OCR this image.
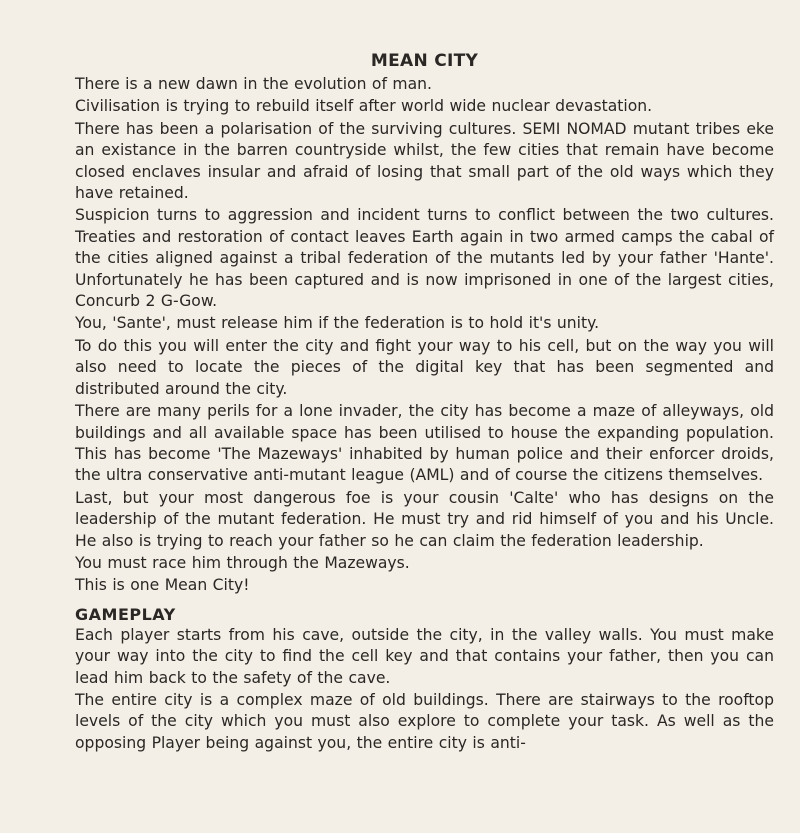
MEAN CITY

There is a new dawn in the evolution of man.

Civilisation is trying to rebuild itself after world wide nuclear devastation.

There has been a polarisation of the surviving cultures. SEMI NOMAD mutant tribes eke an existance in the barren countryside whilst, the few cities that remain have become closed enclaves insular and afraid of losing that small part of the old ways which they have retained.

Suspicion turns to aggression and incident turns to conflict between the two cultures. Treaties and restoration of contact leaves Earth again in two armed camps the cabal of the cities aligned against a tribal federation of the mutants led by your father 'Hante'. Unfortunately he has been captured and is now imprisoned in one of the largest cities, Concurb 2 G-Gow.

You, 'Sante', must release him if the federation is to hold it's unity.

To do this you will enter the city and fight your way to his cell, but on the way you will also need to locate the pieces of the digital key that has been segmented and distributed around the city.

There are many perils for a lone invader, the city has become a maze of alleyways, old buildings and all available space has been utilised to house the expanding population. This has become 'The Mazeways' inhabited by human police and their enforcer droids, the ultra conservative anti-mutant league (AML) and of course the citizens themselves.

Last, but your most dangerous foe is your cousin 'Calte' who has designs on the leadership of the mutant federation. He must try and rid himself of you and his Uncle. He also is trying to reach your father so he can claim the federation leadership.

You must race him through the Mazeways.

This is one Mean City!

GAMEPLAY

Each player starts from his cave, outside the city, in the valley walls. You must make your way into the city to find the cell key and that contains your father, then you can lead him back to the safety of the cave.

The entire city is a complex maze of old buildings. There are stairways to the rooftop levels of the city which you must also explore to complete your task. As well as the opposing Player being against you, the entire city is anti-
